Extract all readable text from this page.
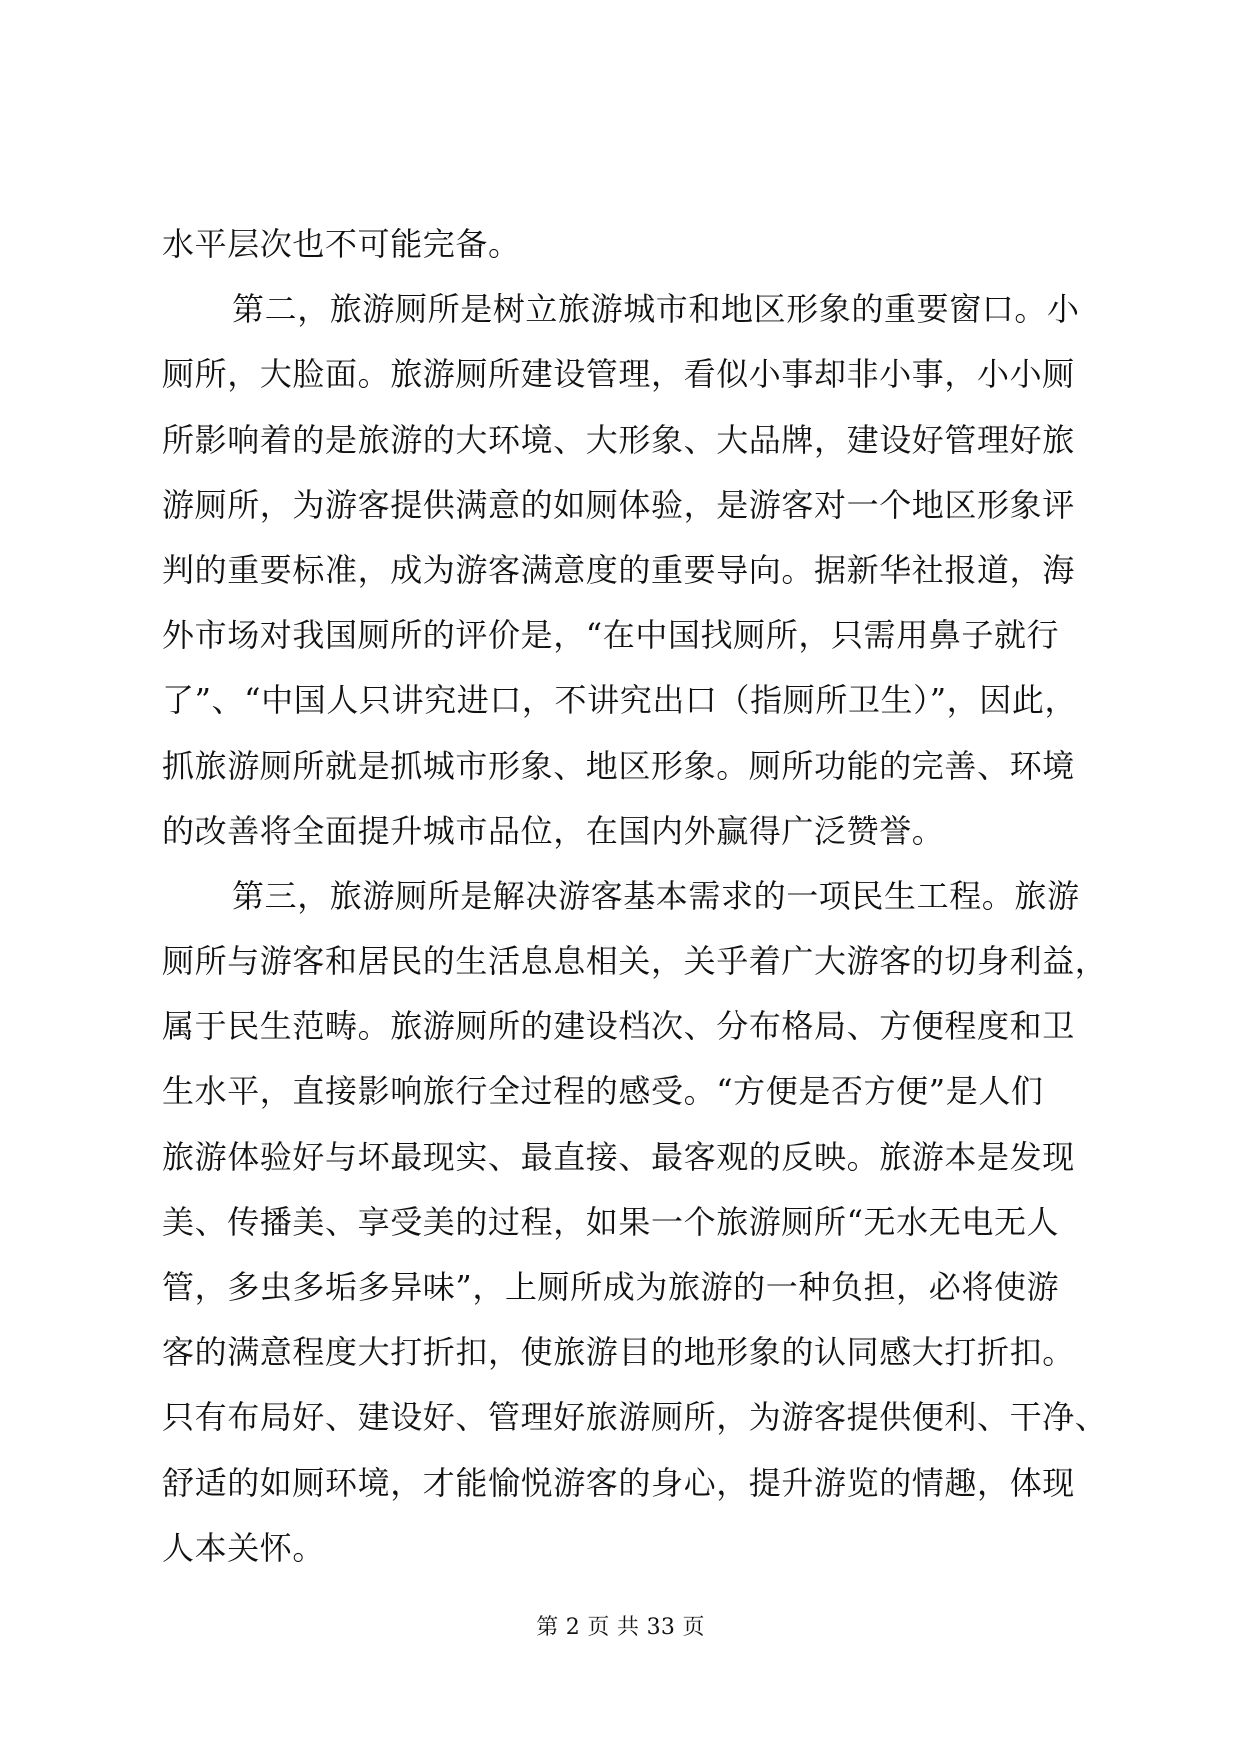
水平层次也不可能完备。
第二，旅游厕所是树立旅游城市和地区形象的重要窗口。小
厕所，大脸面。旅游厕所建设管理，看似小事却非小事，小小厕
所影响着的是旅游的大环境、大形象、大品牌，建设好管理好旅
游厕所，为游客提供满意的如厕体验，是游客对一个地区形象评
判的重要标准，成为游客满意度的重要导向。据新华社报道，海
外市场对我国厕所的评价是，“在中国找厕所，只需用鼻子就行
了”、“中国人只讲究进口，不讲究出口（指厕所卫生）”，因此，
抓旅游厕所就是抓城市形象、地区形象。厕所功能的完善、环境
的改善将全面提升城市品位，在国内外赢得广泛赞誉。
第三，旅游厕所是解决游客基本需求的一项民生工程。旅游
厕所与游客和居民的生活息息相关，关乎着广大游客的切身利益，
属于民生范畴。旅游厕所的建设档次、分布格局、方便程度和卫
生水平，直接影响旅行全过程的感受。“方便是否方便”是人们
旅游体验好与坏最现实、最直接、最客观的反映。旅游本是发现
美、传播美、享受美的过程，如果一个旅游厕所“无水无电无人
管，多虫多垢多异味”，上厕所成为旅游的一种负担，必将使游
客的满意程度大打折扣，使旅游目的地形象的认同感大打折扣。
只有布局好、建设好、管理好旅游厕所，为游客提供便利、干净、
舒适的如厕环境，才能愉悦游客的身心，提升游览的情趣，体现
人本关怀。
第 2 页 共 33 页
